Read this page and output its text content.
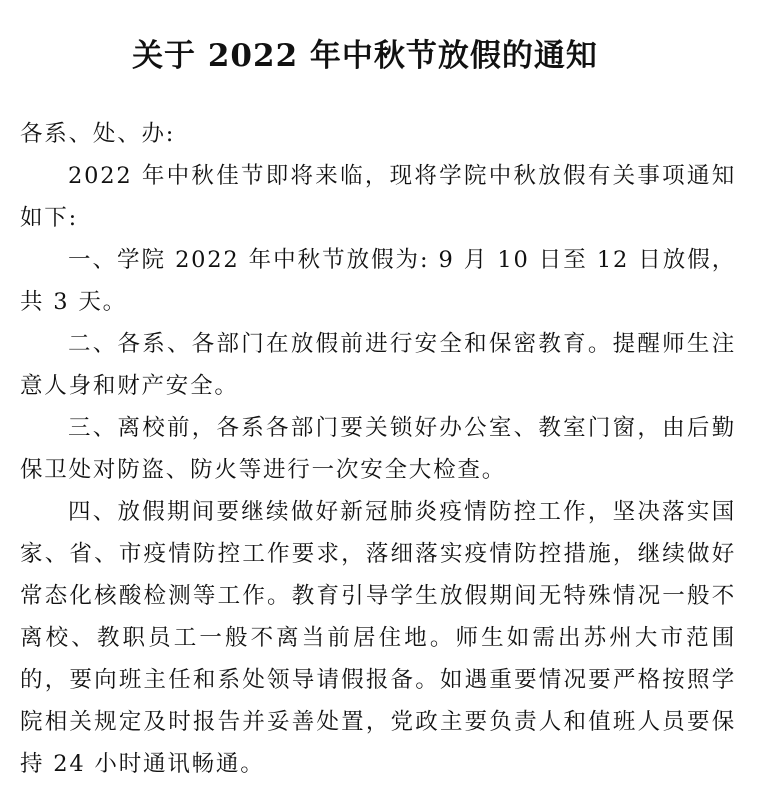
关于 2022 年中秋节放假的通知

各系、处、办:

2022 年中秋佳节即将来临，现将学院中秋放假有关事项通知如下:

一、学院 2022 年中秋节放假为: 9 月 10 日至 12 日放假，共 3 天。

二、各系、各部门在放假前进行安全和保密教育。提醒师生注意人身和财产安全。

三、离校前，各系各部门要关锁好办公室、教室门窗，由后勤保卫处对防盗、防火等进行一次安全大检查。

四、放假期间要继续做好新冠肺炎疫情防控工作，坚决落实国家、省、市疫情防控工作要求，落细落实疫情防控措施，继续做好常态化核酸检测等工作。教育引导学生放假期间无特殊情况一般不离校、教职员工一般不离当前居住地。师生如需出苏州大市范围的，要向班主任和系处领导请假报备。如遇重要情况要严格按照学院相关规定及时报告并妥善处置，党政主要负责人和值班人员要保持 24 小时通讯畅通。
